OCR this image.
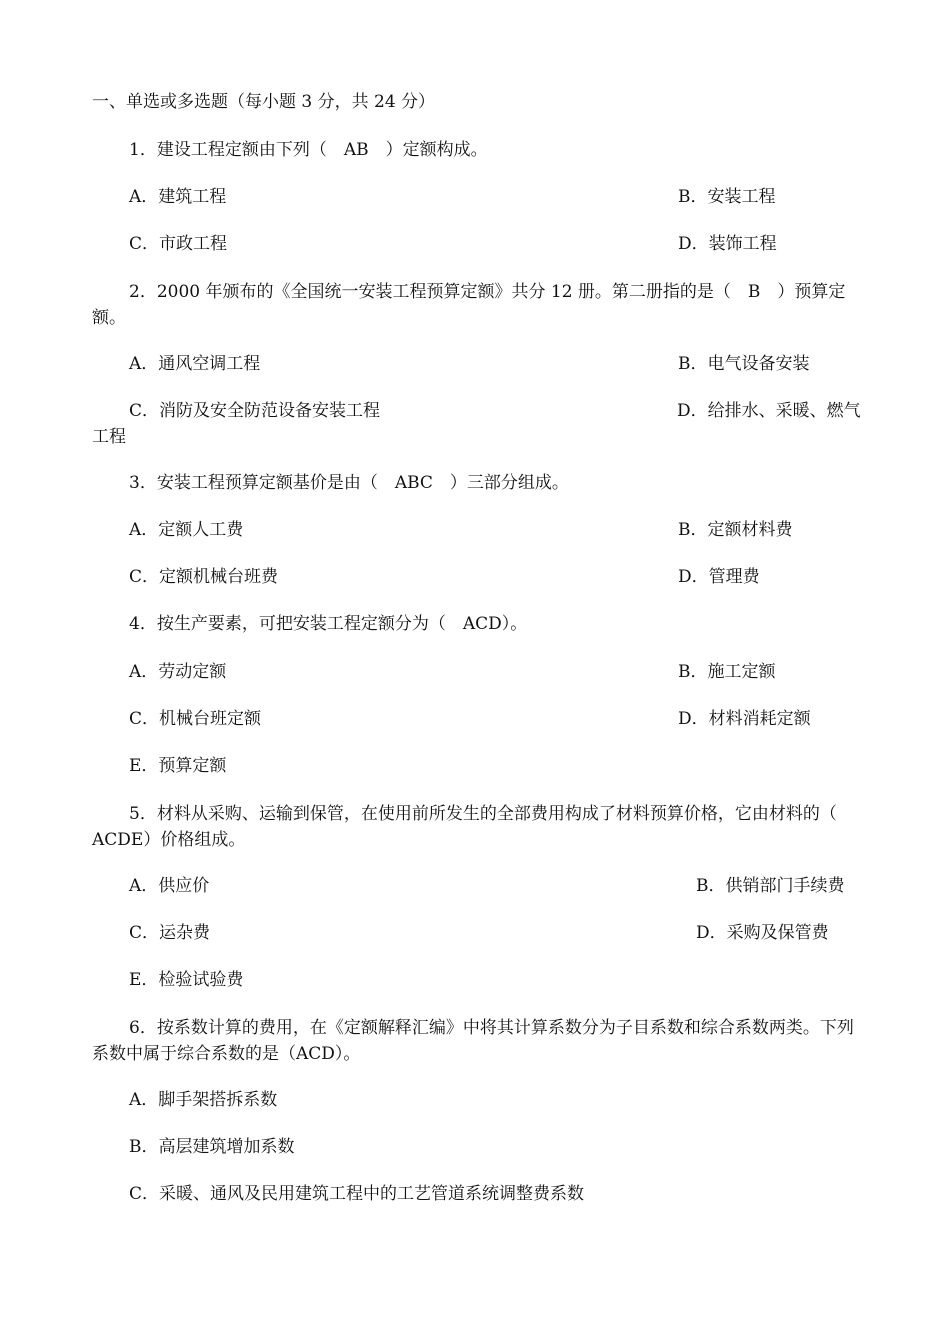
一、单选或多选题（每小题 3 分，共 24 分）
1．建设工程定额由下列（　AB　）定额构成。
A．建筑工程	B．安装工程
C．市政工程	D．装饰工程
2．2000 年颁布的《全国统一安装工程预算定额》共分 12 册。第二册指的是（　B　）预算定额。
A．通风空调工程	B．电气设备安装
C．消防及安全防范设备安装工程	D．给排水、采暖、燃气工程
3．安装工程预算定额基价是由（　ABC　）三部分组成。
A．定额人工费	B．定额材料费
C．定额机械台班费	D．管理费
4．按生产要素，可把安装工程定额分为（　ACD）。
A．劳动定额	B．施工定额
C．机械台班定额	D．材料消耗定额
E．预算定额
5．材料从采购、运输到保管，在使用前所发生的全部费用构成了材料预算价格，它由材料的（　ACDE）价格组成。
A．供应价	B．供销部门手续费
C．运杂费	D．采购及保管费
E．检验试验费
6．按系数计算的费用，在《定额解释汇编》中将其计算系数分为子目系数和综合系数两类。下列系数中属于综合系数的是（ACD）。
A．脚手架搭拆系数
B．高层建筑增加系数
C．采暖、通风及民用建筑工程中的工艺管道系统调整费系数
